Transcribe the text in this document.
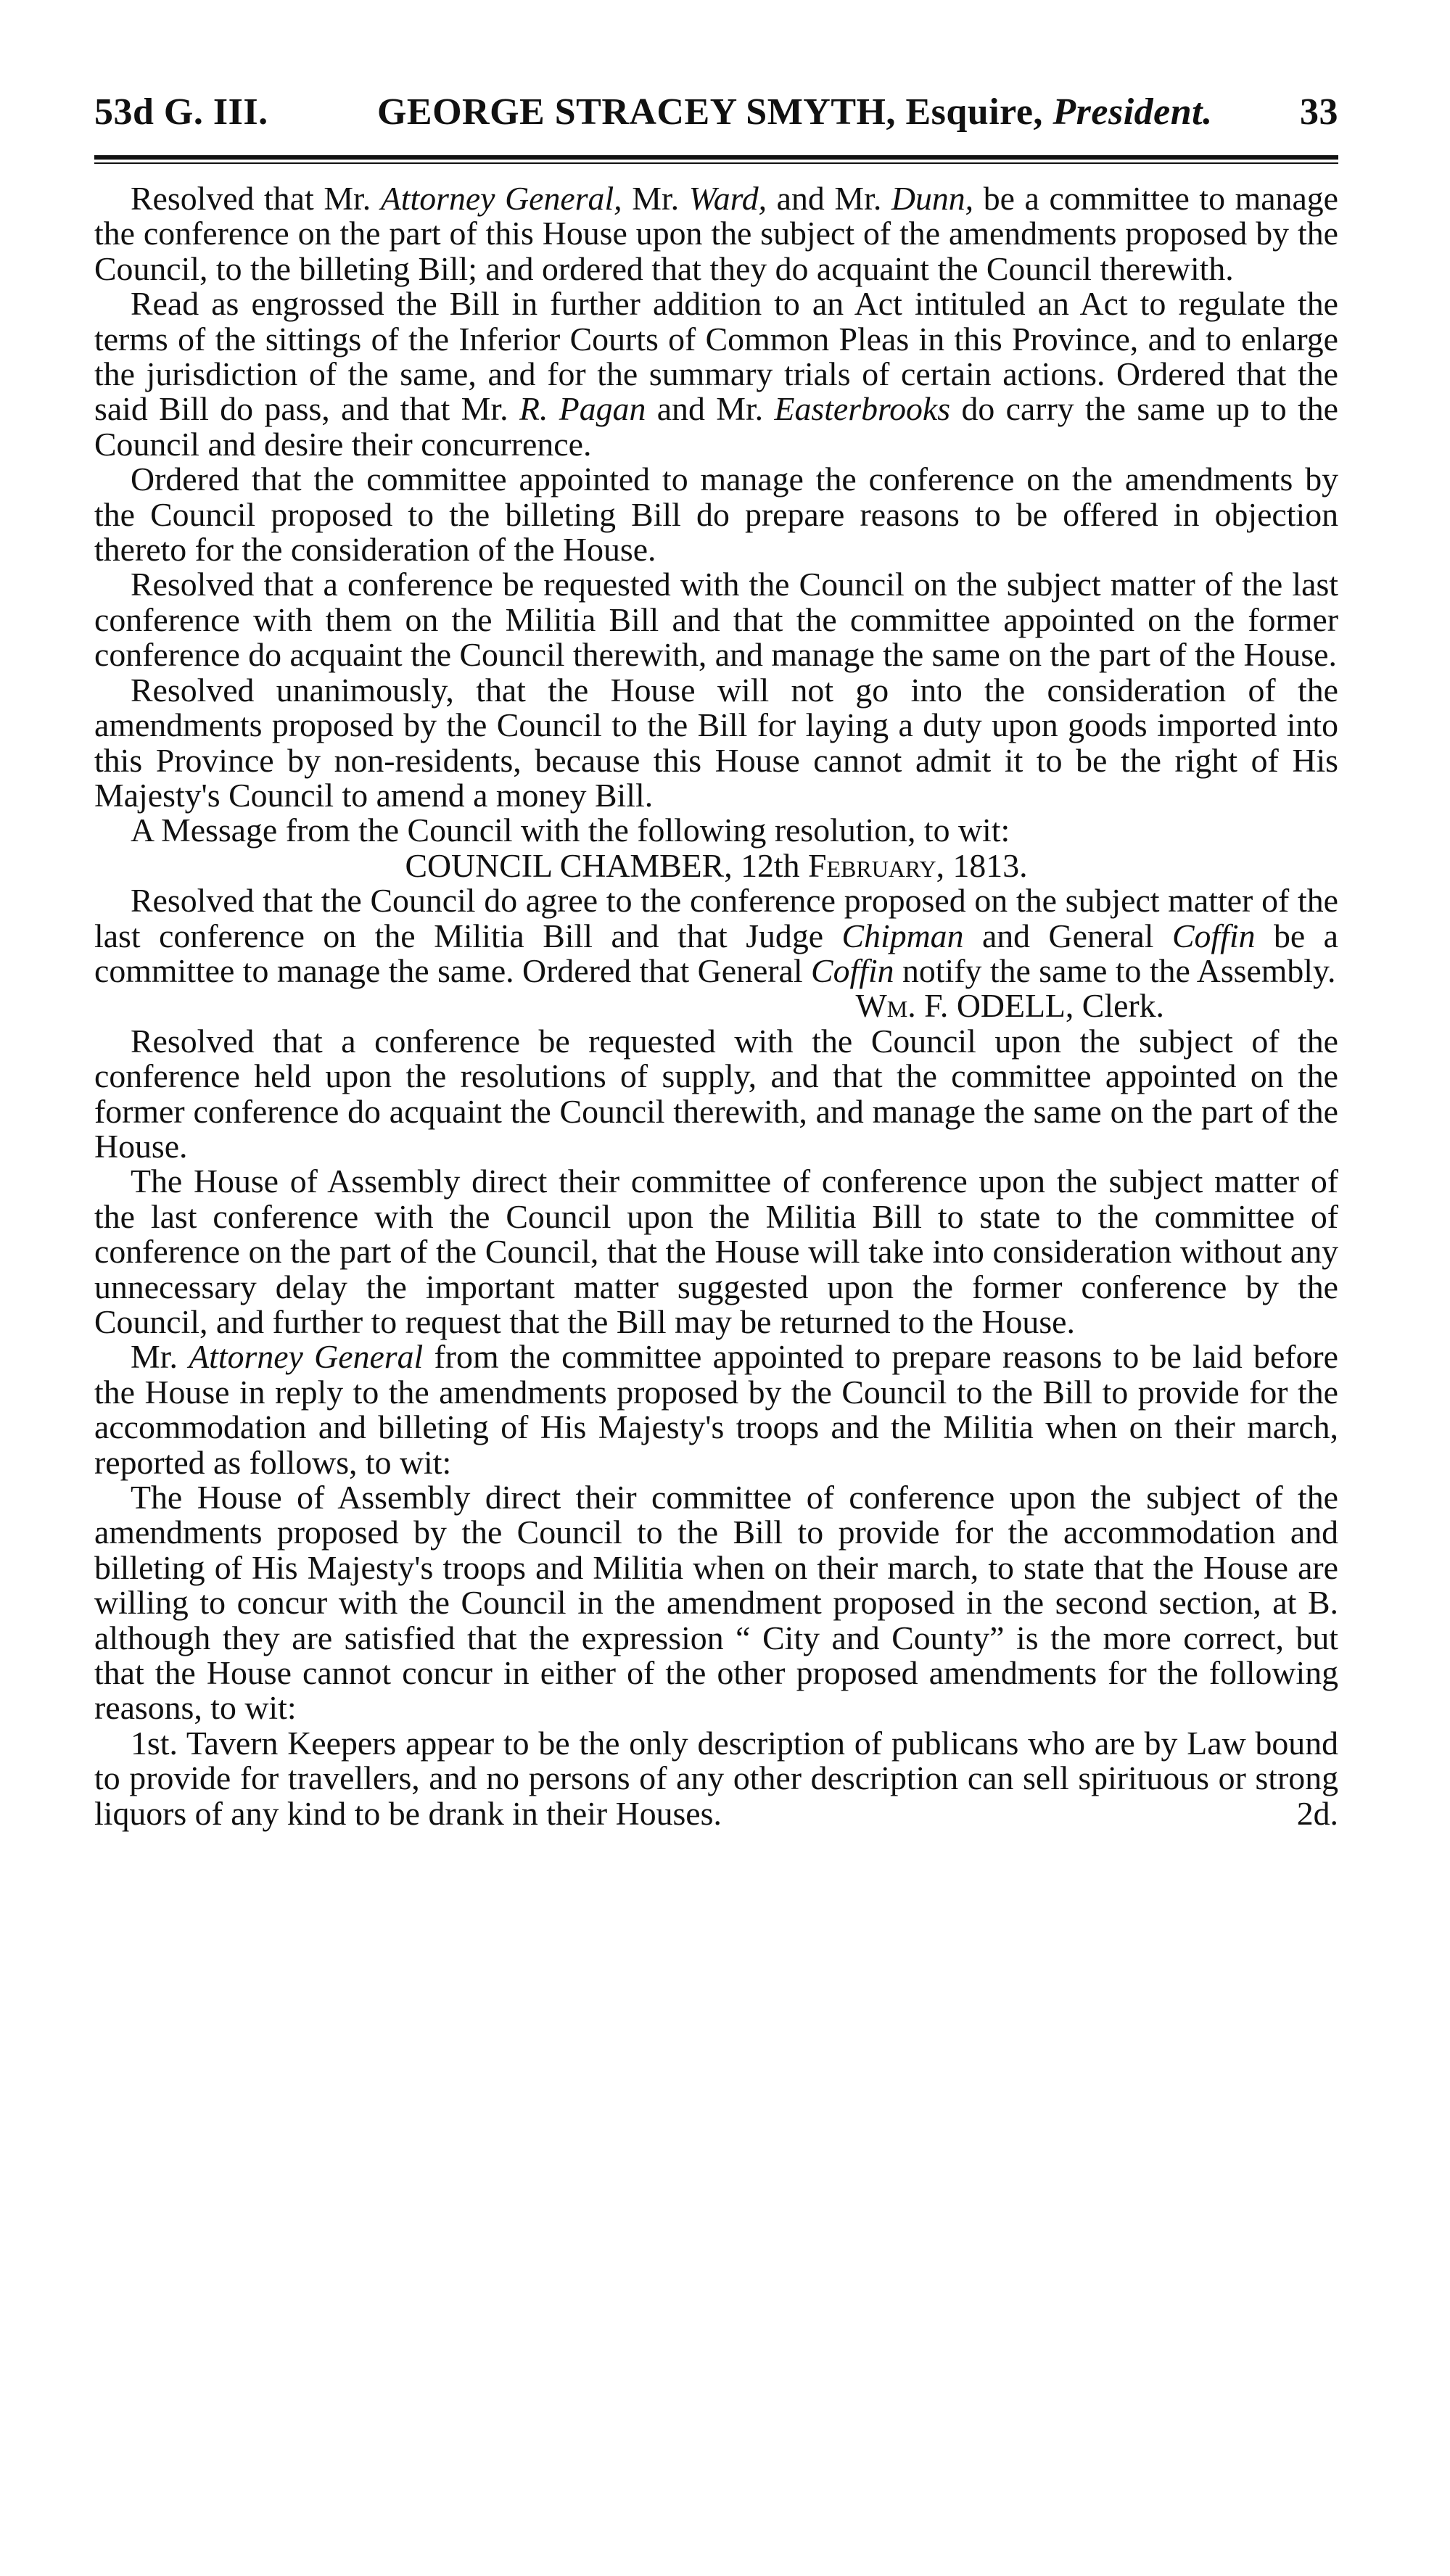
53d G. III.	GEORGE STRACEY SMYTH, Esquire, President.	33

Resolved that Mr. Attorney General, Mr. Ward, and Mr. Dunn, be a committee to manage the conference on the part of this House upon the subject of the amendments proposed by the Council, to the billeting Bill; and ordered that they do acquaint the Council therewith.

Read as engrossed the Bill in further addition to an Act intituled an Act to regulate the terms of the sittings of the Inferior Courts of Common Pleas in this Province, and to enlarge the jurisdiction of the same, and for the summary trials of certain actions. Ordered that the said Bill do pass, and that Mr. R. Pagan and Mr. Easterbrooks do carry the same up to the Council and desire their concurrence.

Ordered that the committee appointed to manage the conference on the amendments by the Council proposed to the billeting Bill do prepare reasons to be offered in objection thereto for the consideration of the House.

Resolved that a conference be requested with the Council on the subject matter of the last conference with them on the Militia Bill and that the committee appointed on the former conference do acquaint the Council therewith, and manage the same on the part of the House.

Resolved unanimously, that the House will not go into the consideration of the amendments proposed by the Council to the Bill for laying a duty upon goods imported into this Province by non-residents, because this House cannot admit it to be the right of His Majesty's Council to amend a money Bill.

A Message from the Council with the following resolution, to wit:

COUNCIL CHAMBER, 12th February, 1813.

Resolved that the Council do agree to the conference proposed on the subject matter of the last conference on the Militia Bill and that Judge Chipman and General Coffin be a committee to manage the same. Ordered that General Coffin notify the same to the Assembly.

Wm. F. ODELL, Clerk.

Resolved that a conference be requested with the Council upon the subject of the conference held upon the resolutions of supply, and that the committee appointed on the former conference do acquaint the Council therewith, and manage the same on the part of the House.

The House of Assembly direct their committee of conference upon the subject matter of the last conference with the Council upon the Militia Bill to state to the committee of conference on the part of the Council, that the House will take into consideration without any unnecessary delay the important matter suggested upon the former conference by the Council, and further to request that the Bill may be returned to the House.

Mr. Attorney General from the committee appointed to prepare reasons to be laid before the House in reply to the amendments proposed by the Council to the Bill to provide for the accommodation and billeting of His Majesty's troops and the Militia when on their march, reported as follows, to wit:

The House of Assembly direct their committee of conference upon the subject of the amendments proposed by the Council to the Bill to provide for the accommodation and billeting of His Majesty's troops and Militia when on their march, to state that the House are willing to concur with the Council in the amendment proposed in the second section, at B. although they are satisfied that the expression “ City and County” is the more correct, but that the House cannot concur in either of the other proposed amendments for the following reasons, to wit:

1st. Tavern Keepers appear to be the only description of publicans who are by Law bound to provide for travellers, and no persons of any other description can sell spirituous or strong liquors of any kind to be drank in their Houses.	2d.
